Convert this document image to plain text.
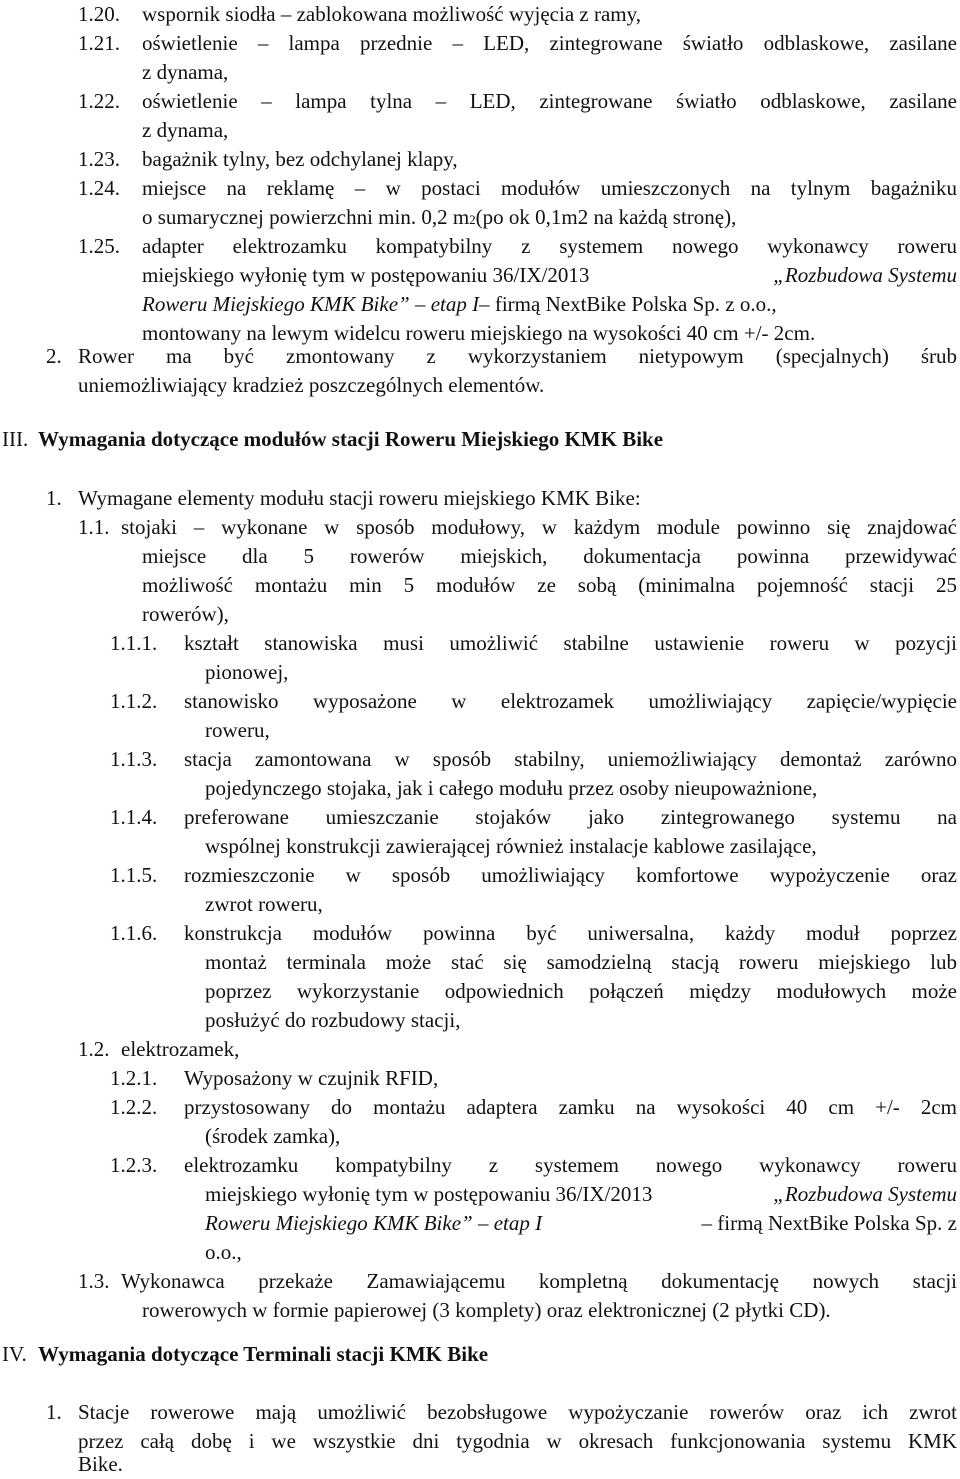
1.20. wspornik siodła – zablokowana możliwość wyjęcia z ramy,
1.21. oświetlenie – lampa przednie – LED, zintegrowane światło odblaskowe, zasilane
z dynama,
1.22. oświetlenie – lampa tylna – LED, zintegrowane światło odblaskowe, zasilane
z dynama,
1.23. bagażnik tylny, bez odchylanej klapy,
1.24. miejsce na reklamę – w postaci modułów umieszczonych na tylnym bagażniku
o sumarycznej powierzchni min. 0,2 m 2 (po ok 0,1m2 na każdą stronę),
1.25. adapter elektrozamku kompatybilny z systemem nowego wykonawcy roweru
miejskiego wyłonię tym w postępowaniu 36/IX/2013	„Rozbudowa Systemu
Roweru Miejskiego KMK Bike” – etap I – firmą NextBike Polska Sp. z o.o.,
montowany na lewym widelcu roweru miejskiego na wysokości 40 cm +/- 2cm.
2. Rower ma być zmontowany z wykorzystaniem nietypowym (specjalnych) śrub
uniemożliwiający kradzież poszczególnych elementów.
III. Wymagania dotyczące modułów stacji Roweru Miejskiego KMK Bike
1. Wymagane elementy modułu stacji roweru miejskiego KMK Bike:
1.1. stojaki – wykonane w sposób modułowy, w każdym module powinno się znajdować
miejsce dla 5 rowerów miejskich, dokumentacja powinna przewidywać
możliwość montażu min 5 modułów ze sobą (minimalna pojemność stacji 25
rowerów),
1.1.1. kształt stanowiska musi umożliwić stabilne ustawienie roweru w pozycji
pionowej,
1.1.2. stanowisko wyposażone w elektrozamek umożliwiający zapięcie/wypięcie
roweru,
1.1.3. stacja zamontowana w sposób stabilny, uniemożliwiający demontaż zarówno
pojedynczego stojaka, jak i całego modułu przez osoby nieupoważnione,
1.1.4. preferowane umieszczanie stojaków jako zintegrowanego systemu na
wspólnej konstrukcji zawierającej również instalacje kablowe zasilające,
1.1.5. rozmieszczonie w sposób umożliwiający komfortowe wypożyczenie oraz
zwrot roweru,
1.1.6. konstrukcja modułów powinna być uniwersalna, każdy moduł poprzez
montaż terminala może stać się samodzielną stacją roweru miejskiego lub
poprzez wykorzystanie odpowiednich połączeń między modułowych może
posłużyć do rozbudowy stacji,
1.2. elektrozamek,
1.2.1. Wyposażony w czujnik RFID,
1.2.2. przystosowany do montażu adaptera zamku na wysokości 40 cm +/- 2cm
(środek zamka),
1.2.3. elektrozamku kompatybilny z systemem nowego wykonawcy roweru
miejskiego wyłonię tym w postępowaniu 36/IX/2013	„Rozbudowa Systemu
Roweru Miejskiego KMK Bike” – etap I	– firmą NextBike Polska Sp. z
o.o.,
1.3. Wykonawca przekaże Zamawiającemu kompletną dokumentację nowych stacji
rowerowych w formie papierowej (3 komplety) oraz elektronicznej (2 płytki CD).
IV. Wymagania dotyczące Terminali stacji KMK Bike
1. Stacje rowerowe mają umożliwić bezobsługowe wypożyczanie rowerów oraz ich zwrot
przez całą dobę i we wszystkie dni tygodnia w okresach funkcjonowania systemu KMK
Bike.
